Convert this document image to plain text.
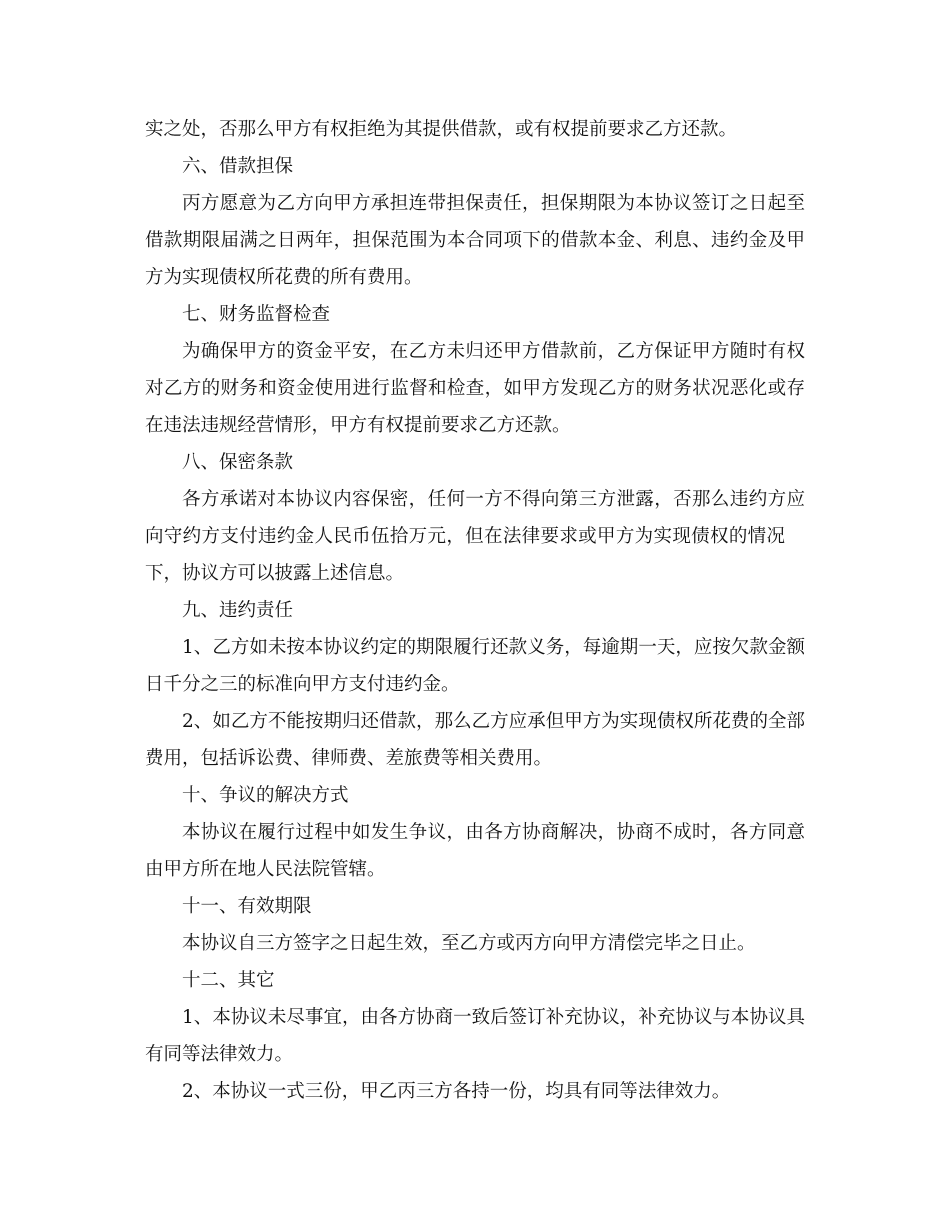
实之处，否那么甲方有权拒绝为其提供借款，或有权提前要求乙方还款。
六、借款担保
丙方愿意为乙方向甲方承担连带担保责任，担保期限为本协议签订之日起至
借款期限届满之日两年，担保范围为本合同项下的借款本金、利息、违约金及甲
方为实现债权所花费的所有费用。
七、财务监督检查
为确保甲方的资金平安，在乙方未归还甲方借款前，乙方保证甲方随时有权
对乙方的财务和资金使用进行监督和检查，如甲方发现乙方的财务状况恶化或存
在违法违规经营情形，甲方有权提前要求乙方还款。
八、保密条款
各方承诺对本协议内容保密，任何一方不得向第三方泄露，否那么违约方应
向守约方支付违约金人民币伍拾万元，但在法律要求或甲方为实现债权的情况
下，协议方可以披露上述信息。
九、违约责任
1、乙方如未按本协议约定的期限履行还款义务，每逾期一天，应按欠款金额
日千分之三的标准向甲方支付违约金。
2、如乙方不能按期归还借款，那么乙方应承但甲方为实现债权所花费的全部
费用，包括诉讼费、律师费、差旅费等相关费用。
十、争议的解决方式
本协议在履行过程中如发生争议，由各方协商解决，协商不成时，各方同意
由甲方所在地人民法院管辖。
十一、有效期限
本协议自三方签字之日起生效，至乙方或丙方向甲方清偿完毕之日止。
十二、其它
1、本协议未尽事宜，由各方协商一致后签订补充协议，补充协议与本协议具
有同等法律效力。
2、本协议一式三份，甲乙丙三方各持一份，均具有同等法律效力。
